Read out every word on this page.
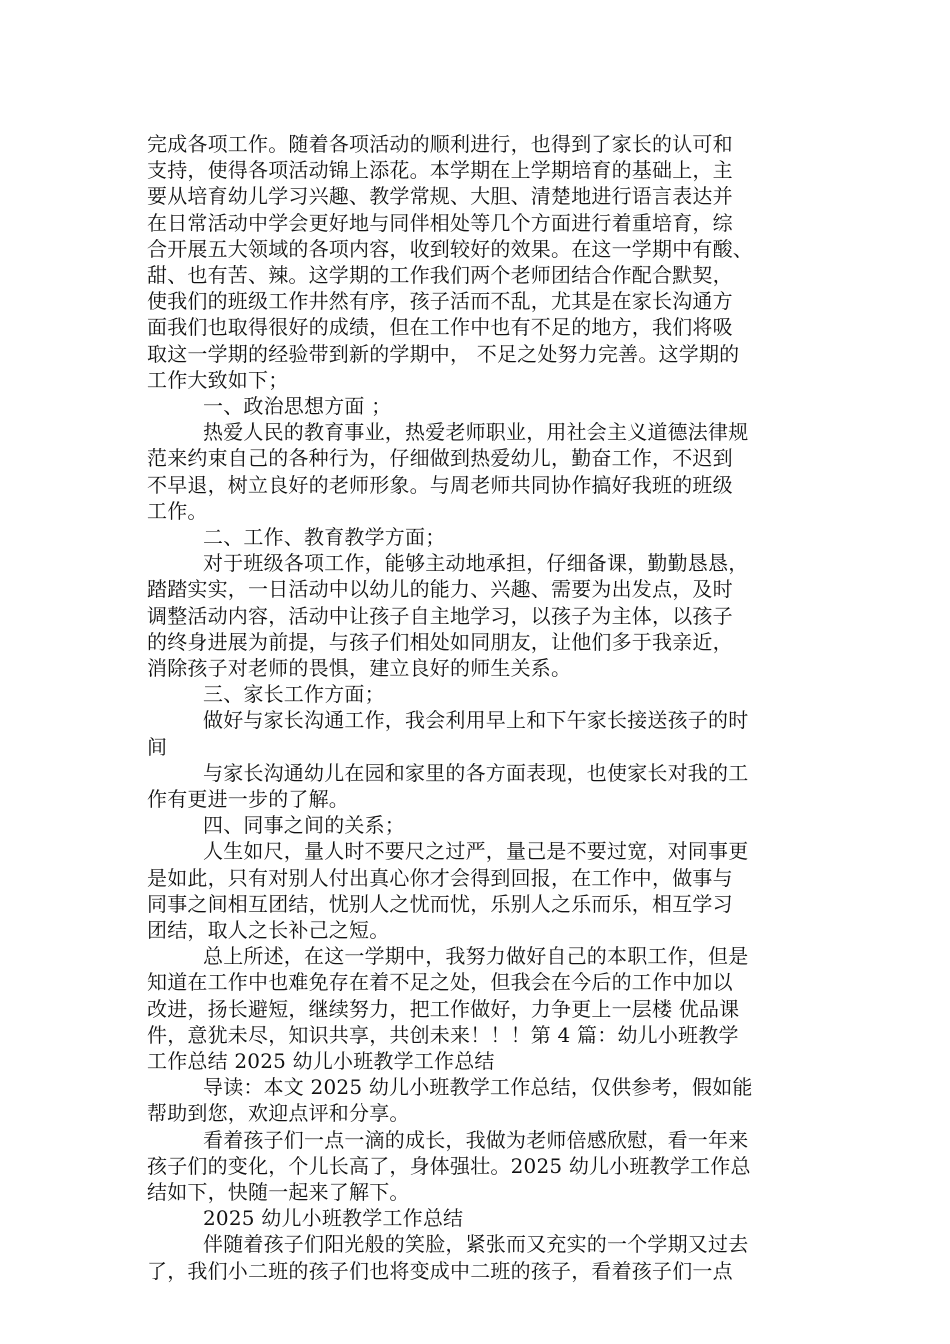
完成各项工作。随着各项活动的顺利进行，也得到了家长的认可和
支持，使得各项活动锦上添花。本学期在上学期培育的基础上，主
要从培育幼儿学习兴趣、教学常规、大胆、清楚地进行语言表达并
在日常活动中学会更好地与同伴相处等几个方面进行着重培育，综
合开展五大领域的各项内容，收到较好的效果。在这一学期中有酸、
甜、也有苦、辣。这学期的工作我们两个老师团结合作配合默契，
使我们的班级工作井然有序，孩子活而不乱，尤其是在家长沟通方
面我们也取得很好的成绩，但在工作中也有不足的地方，我们将吸
取这一学期的经验带到新的学期中， 不足之处努力完善。这学期的
工作大致如下；
一、政治思想方面 ；
热爱人民的教育事业，热爱老师职业，用社会主义道德法律规
范来约束自己的各种行为，仔细做到热爱幼儿，勤奋工作，不迟到
不早退，树立良好的老师形象。与周老师共同协作搞好我班的班级
工作。
二、工作、教育教学方面；
对于班级各项工作，能够主动地承担，仔细备课，勤勤恳恳，
踏踏实实，一日活动中以幼儿的能力、兴趣、需要为出发点，及时
调整活动内容，活动中让孩子自主地学习，以孩子为主体，以孩子
的终身进展为前提，与孩子们相处如同朋友，让他们多于我亲近，
消除孩子对老师的畏惧，建立良好的师生关系。
三、家长工作方面；
做好与家长沟通工作，我会利用早上和下午家长接送孩子的时
间
与家长沟通幼儿在园和家里的各方面表现，也使家长对我的工
作有更进一步的了解。
四、同事之间的关系；
人生如尺，量人时不要尺之过严，量己是不要过宽，对同事更
是如此，只有对别人付出真心你才会得到回报，在工作中，做事与
同事之间相互团结，忧别人之忧而忧，乐别人之乐而乐，相互学习
团结，取人之长补己之短。
总上所述，在这一学期中，我努力做好自己的本职工作，但是
知道在工作中也难免存在着不足之处，但我会在今后的工作中加以
改进，扬长避短，继续努力，把工作做好，力争更上一层楼 优品课
件，意犹未尽，知识共享，共创未来！！！第 4 篇：幼儿小班教学
工作总结 2025 幼儿小班教学工作总结
导读：本文 2025 幼儿小班教学工作总结，仅供参考，假如能
帮助到您，欢迎点评和分享。
看着孩子们一点一滴的成长，我做为老师倍感欣慰，看一年来
孩子们的变化，个儿长高了，身体强壮。2025 幼儿小班教学工作总
结如下，快随一起来了解下。
2025 幼儿小班教学工作总结
伴随着孩子们阳光般的笑脸，紧张而又充实的一个学期又过去
了，我们小二班的孩子们也将变成中二班的孩子，看着孩子们一点
